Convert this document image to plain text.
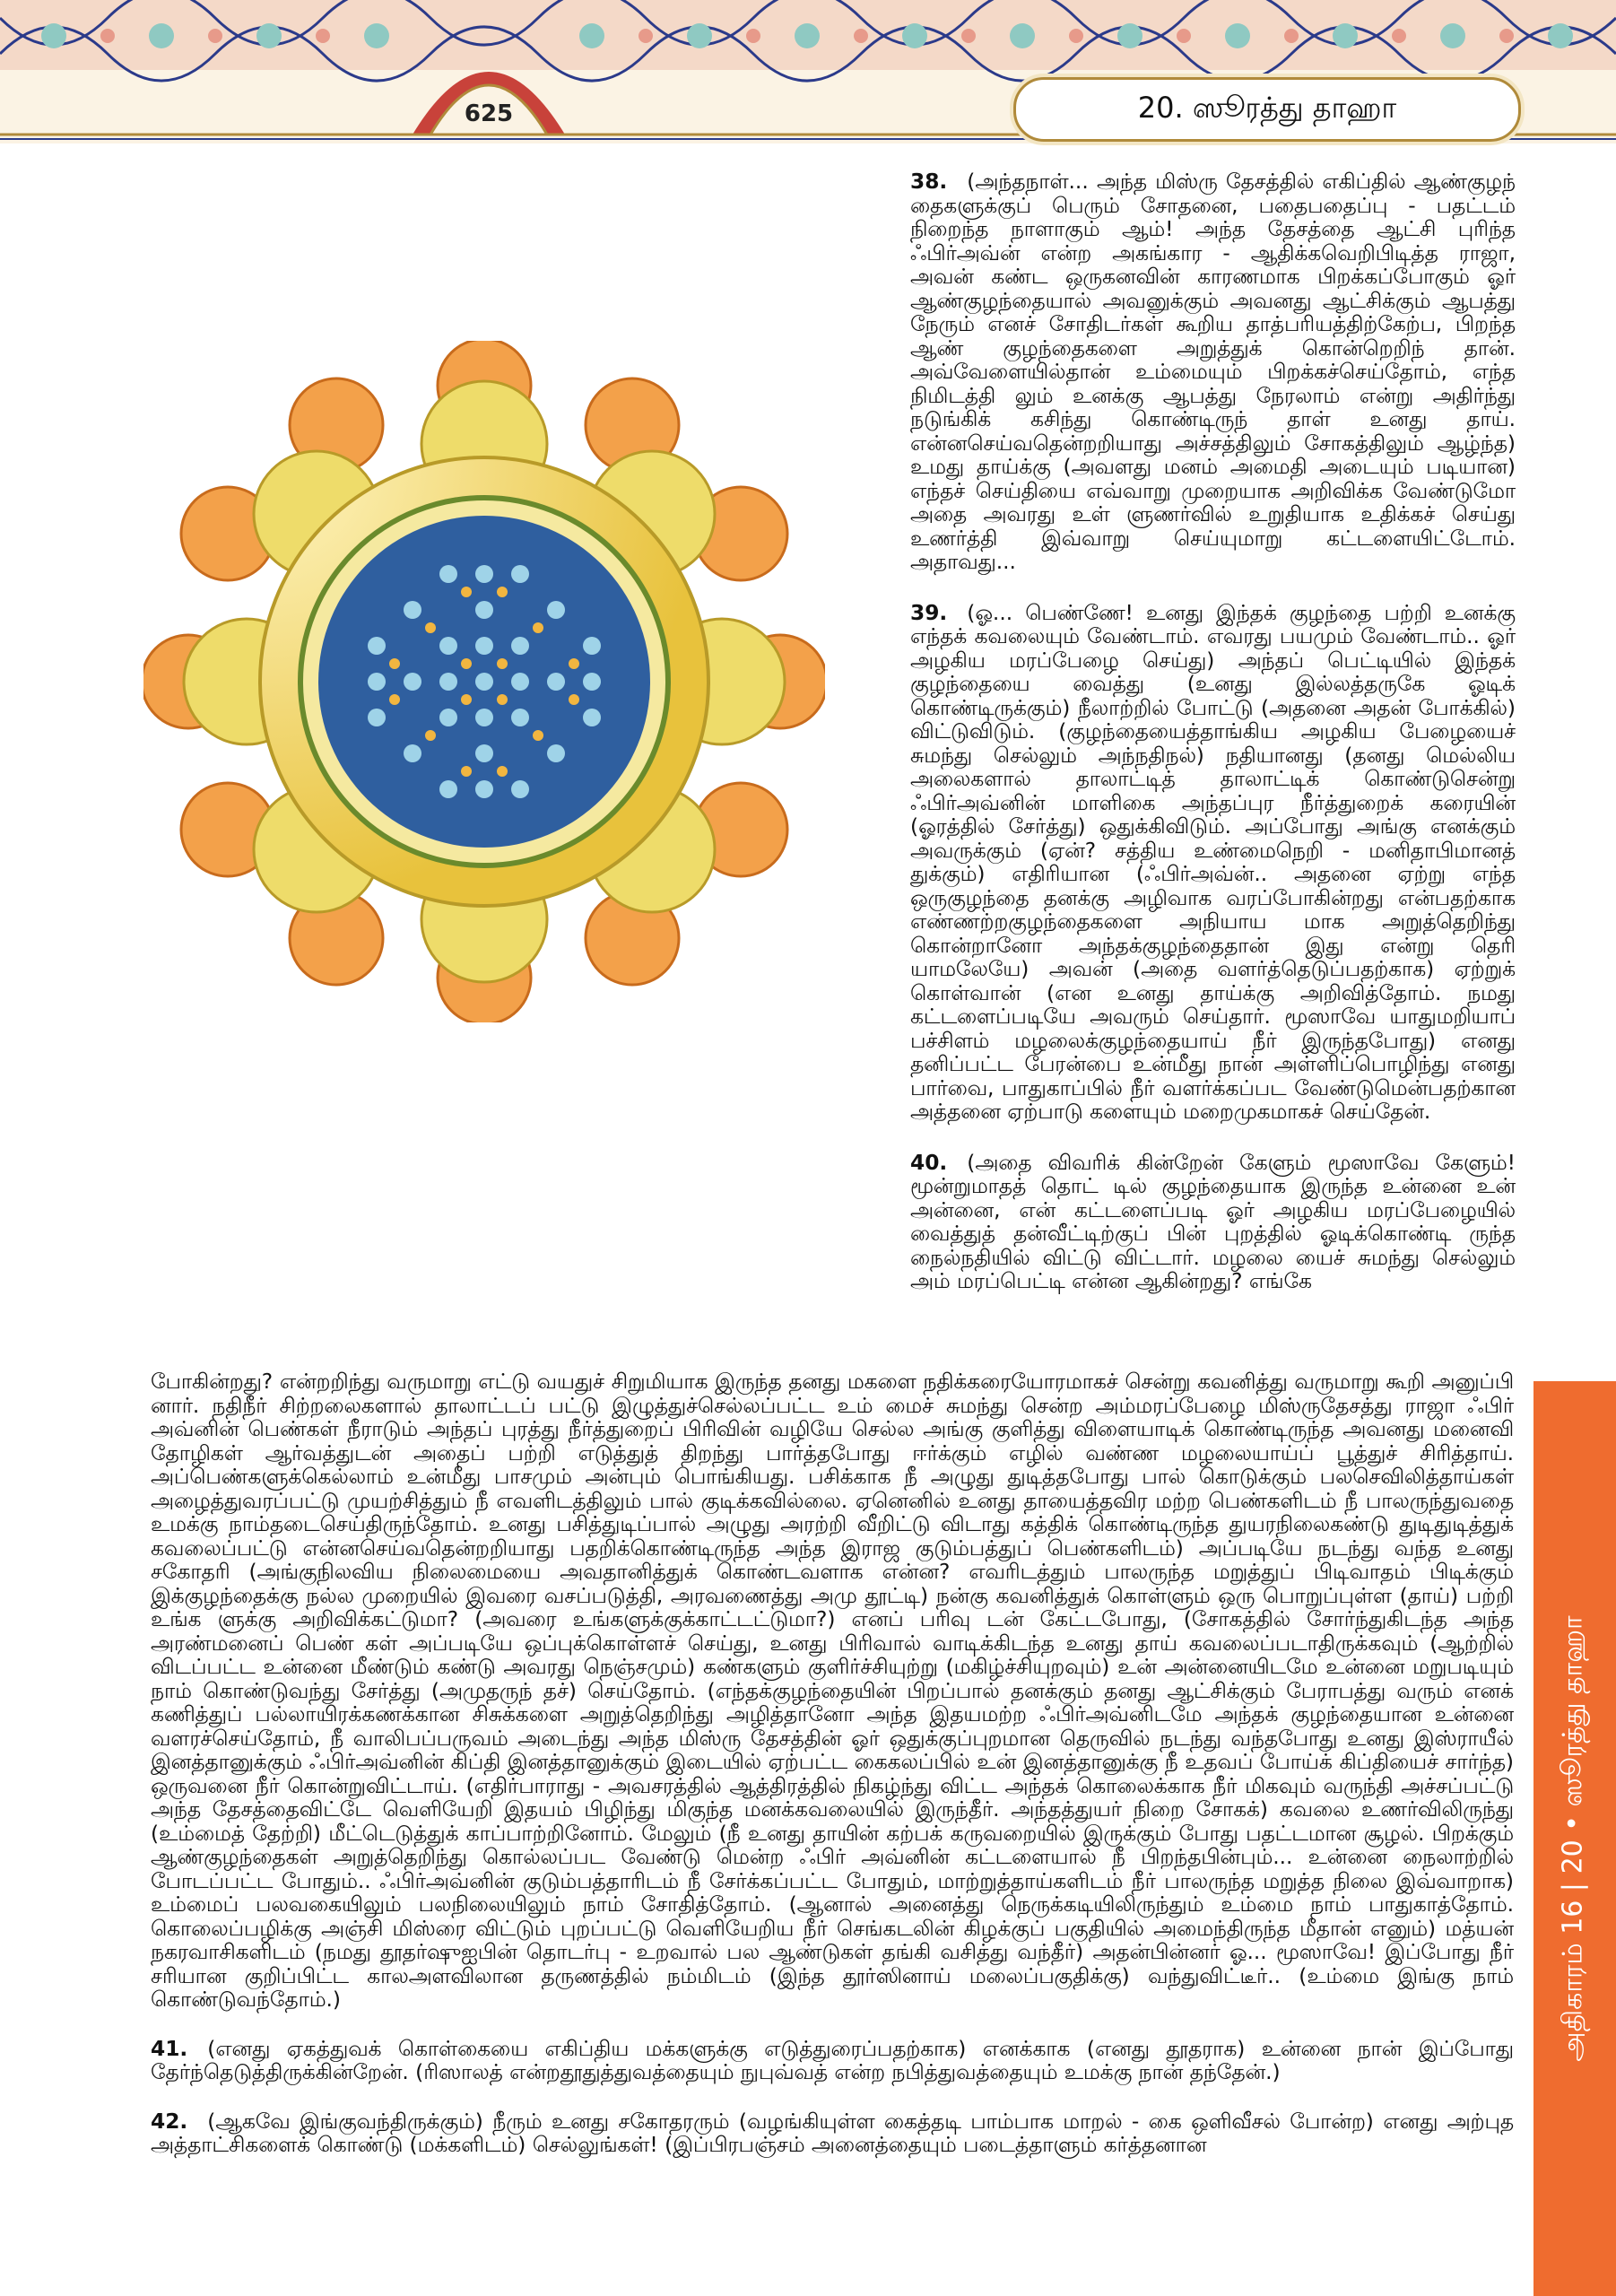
625	20. ஸூரத்து தாஹா

38. (அந்தநாள்... அந்த மிஸ்ரு தேசத்தில் எகிப்தில் ஆண்குழந் தைகளுக்குப் பெரும் சோதனை, பதைபதைப்பு - பதட்டம் நிறைந்த நாளாகும் ஆம்! அந்த தேசத்தை ஆட்சி புரிந்த ஃபிர்அவ்ன் என்ற அகங்கார - ஆதிக்கவெறிபிடித்த ராஜா, அவன் கண்ட ஒருகனவின் காரணமாக பிறக்கப்போகும் ஓர் ஆண்குழந்தையால் அவனுக்கும் அவனது ஆட்சிக்கும் ஆபத்து நேரும் எனச் சோதிடர்கள் கூறிய தாத்பரியத்திற்கேற்ப, பிறந்த ஆண் குழந்தைகளை அறுத்துக் கொன்றெறிந் தான். அவ்வேளையில்தான் உம்மையும் பிறக்கச்செய்தோம், எந்த நிமிடத்தி லும் உனக்கு ஆபத்து நேரலாம் என்று அதிர்ந்து நடுங்கிக் கசிந்து கொண்டிருந் தாள் உனது தாய். என்னசெய்வதென்றறியாது அச்சத்திலும் சோகத்திலும் ஆழ்ந்த) உமது தாய்க்கு (அவளது மனம் அமைதி அடையும் படியான) எந்தச் செய்தியை எவ்வாறு முறையாக அறிவிக்க வேண்டுமோ அதை அவரது உள் ளுணர்வில் உறுதியாக உதிக்கச் செய்து உணர்த்தி இவ்வாறு செய்யுமாறு கட்டளையிட்டோம். அதாவது...

39. (ஓ... பெண்ணே! உனது இந்தக் குழந்தை பற்றி உனக்கு எந்தக் கவலையும் வேண்டாம். எவரது பயமும் வேண்டாம்.. ஓர் அழகிய மரப்பேழை செய்து) அந்தப் பெட்டியில் இந்தக் குழந்தையை வைத்து (உனது இல்லத்தருகே ஓடிக் கொண்டிருக்கும்) நீலாற்றில் போட்டு (அதனை அதன் போக்கில்) விட்டுவிடும். (குழந்தையைத்தாங்கிய அழகிய பேழையைச் சுமந்து செல்லும் அந்நதிநல்) நதியானது (தனது மெல்லிய அலைகளால் தாலாட்டித் தாலாட்டிக் கொண்டுசென்று ஃபிர்அவ்னின் மாளிகை அந்தப்புர நீர்த்துறைக் கரையின் (ஓரத்தில் சேர்த்து) ஒதுக்கிவிடும். அப்போது அங்கு எனக்கும் அவருக்கும் (ஏன்? சத்திய உண்மைநெறி - மனிதாபிமானத் துக்கும்) எதிரியான (ஃபிர்அவ்ன்.. அதனை ஏற்று எந்த ஒருகுழந்தை தனக்கு அழிவாக வரப்போகின்றது என்பதற்காக எண்ணற்றகுழந்தைகளை அநியாய மாக அறுத்தெறிந்து கொன்றானோ அந்தக்குழந்தைதான் இது என்று தெரி யாமலேயே) அவன் (அதை வளர்த்தெடுப்பதற்காக) ஏற்றுக் கொள்வான் (என உனது தாய்க்கு அறிவித்தோம். நமது கட்டளைப்படியே அவரும் செய்தார். மூஸாவே யாதுமறியாப் பச்சிளம் மழலைக்குழந்தையாய் நீர் இருந்தபோது) எனது தனிப்பட்ட பேரன்பை உன்மீது நான் அள்ளிப்பொழிந்து எனது பார்வை, பாதுகாப்பில் நீர் வளர்க்கப்பட வேண்டுமென்பதற்கான அத்தனை ஏற்பாடு களையும் மறைமுகமாகச் செய்தேன்.

40. (அதை விவரிக் கின்றேன் கேளும் மூஸாவே கேளும்! மூன்றுமாதத் தொட் டில் குழந்தையாக இருந்த உன்னை உன் அன்னை, என் கட்டளைப்படி ஓர் அழகிய மரப்பேழையில் வைத்துத் தன்வீட்டிற்குப் பின் புறத்தில் ஓடிக்கொண்டி ருந்த நைல்நதியில் விட்டு விட்டார். மழலை யைச் சுமந்து செல்லும் அம் மரப்பெட்டி என்ன ஆகின்றது? எங்கே

போகின்றது? என்றறிந்து வருமாறு எட்டு வயதுச் சிறுமியாக இருந்த தனது மகளை நதிக்கரையோரமாகச் சென்று கவனித்து வருமாறு கூறி அனுப்பி னார். நதிநீர் சிற்றலைகளால் தாலாட்டப் பட்டு இழுத்துச்செல்லப்பட்ட உம் மைச் சுமந்து சென்ற அம்மரப்பேழை மிஸ்ருதேசத்து ராஜா ஃபிர் அவ்னின் பெண்கள் நீராடும் அந்தப் புரத்து நீர்த்துறைப் பிரிவின் வழியே செல்ல அங்கு குளித்து விளையாடிக் கொண்டிருந்த அவனது மனைவி தோழிகள் ஆர்வத்துடன் அதைப் பற்றி எடுத்துத் திறந்து பார்த்தபோது ஈர்க்கும் எழில் வண்ண மழலையாய்ப் பூத்துச் சிரித்தாய். அப்பெண்களுக்கெல்லாம் உன்மீது பாசமும் அன்பும் பொங்கியது. பசிக்காக நீ அழுது துடித்தபோது பால் கொடுக்கும் பலசெவிலித்தாய்கள் அழைத்துவரப்பட்டு முயற்சித்தும் நீ எவளிடத்திலும் பால் குடிக்கவில்லை. ஏனெனில் உனது தாயைத்தவிர மற்ற பெண்களிடம் நீ பாலருந்துவதை உமக்கு நாம்தடைசெய்திருந்தோம். உனது பசித்துடிப்பால் அழுது அரற்றி வீறிட்டு விடாது கத்திக் கொண்டிருந்த துயரநிலைகண்டு துடிதுடித்துக் கவலைப்பட்டு என்னசெய்வதென்றறியாது பதறிக்கொண்டிருந்த அந்த இராஜ குடும்பத்துப் பெண்களிடம்) அப்படியே நடந்து வந்த உனது சகோதரி (அங்குநிலவிய நிலைமையை அவதானித்துக் கொண்டவளாக என்ன? எவரிடத்தும் பாலருந்த மறுத்துப் பிடிவாதம் பிடிக்கும் இக்குழந்தைக்கு நல்ல முறையில் இவரை வசப்படுத்தி, அரவணைத்து அமு தூட்டி) நன்கு கவனித்துக் கொள்ளும் ஒரு பொறுப்புள்ள (தாய்) பற்றி உங்க ளுக்கு அறிவிக்கட்டுமா? (அவரை உங்களுக்குக்காட்டட்டுமா?) எனப் பரிவு டன் கேட்டபோது, (சோகத்தில் சோர்ந்துகிடந்த அந்த அரண்மனைப் பெண் கள் அப்படியே ஒப்புக்கொள்ளச் செய்து, உனது பிரிவால் வாடிக்கிடந்த உனது தாய் கவலைப்படாதிருக்கவும் (ஆற்றில் விடப்பட்ட உன்னை மீண்டும் கண்டு அவரது நெஞ்சமும்) கண்களும் குளிர்ச்சியுற்று (மகிழ்ச்சியுறவும்) உன் அன்னையிடமே உன்னை மறுபடியும் நாம் கொண்டுவந்து சேர்த்து (அமுதருந் தச்) செய்தோம். (எந்தக்குழந்தையின் பிறப்பால் தனக்கும் தனது ஆட்சிக்கும் பேராபத்து வரும் எனக் கணித்துப் பல்லாயிரக்கணக்கான சிசுக்களை அறுத்தெறிந்து அழித்தானோ அந்த இதயமற்ற ஃபிர்அவ்னிடமே அந்தக் குழந்தையான உன்னை வளரச்செய்தோம், நீ வாலிபப்பருவம் அடைந்து அந்த மிஸ்ரு தேசத்தின் ஓர் ஒதுக்குப்புறமான தெருவில் நடந்து வந்தபோது உனது இஸ்ராயீல் இனத்தானுக்கும் ஃபிர்அவ்னின் கிப்தி இனத்தானுக்கும் இடையில் ஏற்பட்ட கைகலப்பில் உன் இனத்தானுக்கு நீ உதவப் போய்க் கிப்தியைச் சார்ந்த) ஒருவனை நீர் கொன்றுவிட்டாய். (எதிர்பாராது - அவசரத்தில் ஆத்திரத்தில் நிகழ்ந்து விட்ட அந்தக் கொலைக்காக நீர் மிகவும் வருந்தி அச்சப்பட்டு அந்த தேசத்தைவிட்டே வெளியேறி இதயம் பிழிந்து மிகுந்த மனக்கவலையில் இருந்தீர். அந்தத்துயர் நிறை சோகக்) கவலை உணர்விலிருந்து (உம்மைத் தேற்றி) மீட்டெடுத்துக் காப்பாற்றினோம். மேலும் (நீ உனது தாயின் கற்பக் கருவறையில் இருக்கும் போது பதட்டமான சூழல். பிறக்கும் ஆண்குழந்தைகள் அறுத்தெறிந்து கொல்லப்பட வேண்டு மென்ற ஃபிர் அவ்னின் கட்டளையால் நீ பிறந்தபின்பும்... உன்னை நைலாற்றில் போடப்பட்ட போதும்.. ஃபிர்அவ்னின் குடும்பத்தாரிடம் நீ சேர்க்கப்பட்ட போதும், மாற்றுத்தாய்களிடம் நீர் பாலருந்த மறுத்த நிலை இவ்வாறாக) உம்மைப் பலவகையிலும் பலநிலையிலும் நாம் சோதித்தோம். (ஆனால் அனைத்து நெருக்கடியிலிருந்தும் உம்மை நாம் பாதுகாத்தோம். கொலைப்பழிக்கு அஞ்சி மிஸ்ரை விட்டும் புறப்பட்டு வெளியேறிய நீர் செங்கடலின் கிழக்குப் பகுதியில் அமைந்திருந்த மீதான் எனும்) மத்யன் நகரவாசிகளிடம் (நமது தூதர்ஷுஐபின் தொடர்பு - உறவால் பல ஆண்டுகள் தங்கி வசித்து வந்தீர்) அதன்பின்னர் ஓ... மூஸாவே! இப்போது நீர் சரியான குறிப்பிட்ட காலஅளவிலான தருணத்தில் நம்மிடம் (இந்த தூர்ஸினாய் மலைப்பகுதிக்கு) வந்துவிட்டீர்.. (உம்மை இங்கு நாம் கொண்டுவந்தோம்.)

41. (எனது ஏகத்துவக் கொள்கையை எகிப்திய மக்களுக்கு எடுத்துரைப்பதற்காக) எனக்காக (எனது தூதராக) உன்னை நான் இப்போது தேர்ந்தெடுத்திருக்கின்றேன். (ரிஸாலத் என்றதூதுத்துவத்தையும் நுபுவ்வத் என்ற நபித்துவத்தையும் உமக்கு நான் தந்தேன்.)

42. (ஆகவே இங்குவந்திருக்கும்) நீரும் உனது சகோதரரும் (வழங்கியுள்ள கைத்தடி பாம்பாக மாறல் - கை ஒளிவீசல் போன்ற) எனது அற்புத அத்தாட்சிகளைக் கொண்டு (மக்களிடம்) செல்லுங்கள்! (இப்பிரபஞ்சம் அனைத்தையும் படைத்தாளும் கர்த்தனான

அதிகாரம் 16 | 20 • ஸூரத்து தாஹா
